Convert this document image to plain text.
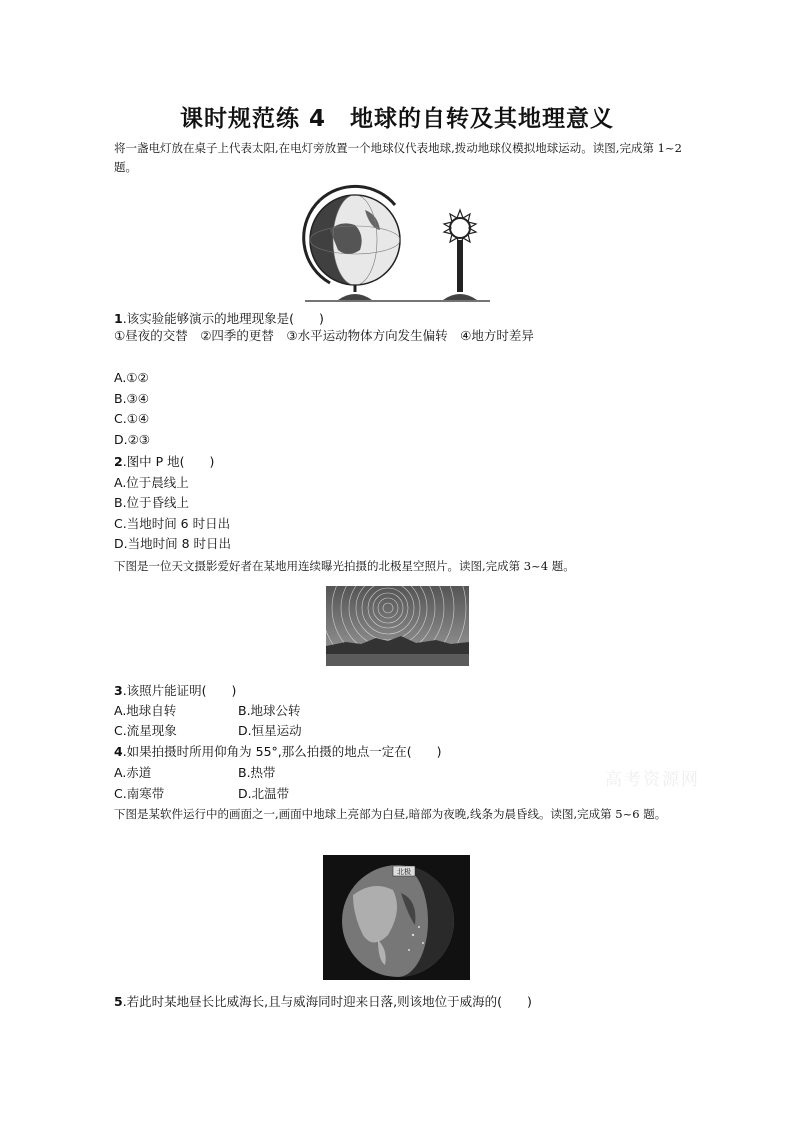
课时规范练 4　地球的自转及其地理意义

将一盏电灯放在桌子上代表太阳,在电灯旁放置一个地球仪代表地球,拨动地球仪模拟地球运动。读图,完成第 1~2 题。

1.该实验能够演示的地理现象是(　　)

①昼夜的交替　②四季的更替　③水平运动物体方向发生偏转　④地方时差异

A.①②

B.③④

C.①④

D.②③

2.图中 P 地(　　)

A.位于晨线上

B.位于昏线上

C.当地时间 6 时日出

D.当地时间 8 时日出

下图是一位天文摄影爱好者在某地用连续曝光拍摄的北极星空照片。读图,完成第 3~4 题。

3.该照片能证明(　　)

A.地球自转	B.地球公转

C.流星现象	D.恒星运动

4.如果拍摄时所用仰角为 55°,那么拍摄的地点一定在(　　)

A.赤道	B.热带

C.南寒带	D.北温带

高考资源网

下图是某软件运行中的画面之一,画面中地球上亮部为白昼,暗部为夜晚,线条为晨昏线。读图,完成第 5~6 题。

北极

5.若此时某地昼长比威海长,且与威海同时迎来日落,则该地位于威海的(　　)
